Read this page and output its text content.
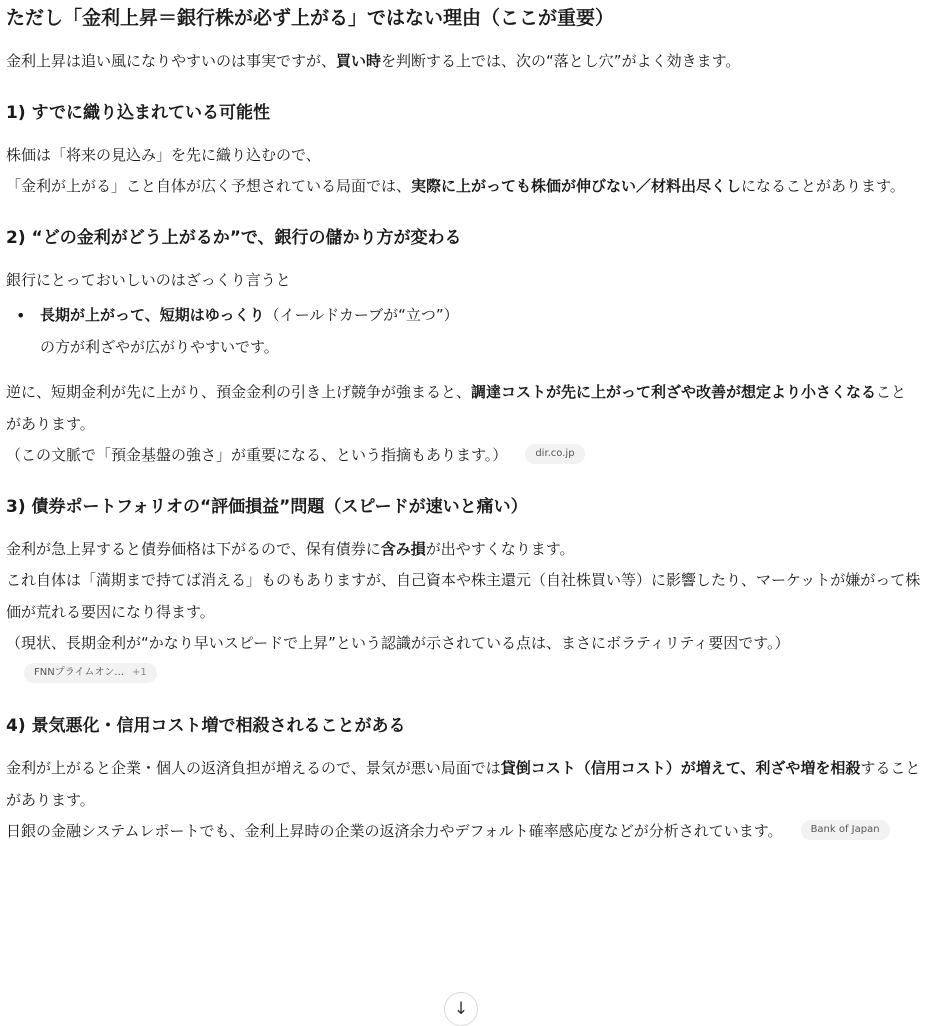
ただし「金利上昇＝銀行株が必ず上がる」ではない理由（ここが重要）

金利上昇は追い風になりやすいのは事実ですが、買い時を判断する上では、次の“落とし穴”がよく効きます。

1) すでに織り込まれている可能性

株価は「将来の見込み」を先に織り込むので、
「金利が上がる」こと自体が広く予想されている局面では、実際に上がっても株価が伸びない／材料出尽くしになることがあります。

2) “どの金利がどう上がるか”で、銀行の儲かり方が変わる

銀行にとっておいしいのはざっくり言うと

• 長期が上がって、短期はゆっくり（イールドカーブが“立つ”）
の方が利ざやが広がりやすいです。

逆に、短期金利が先に上がり、預金金利の引き上げ競争が強まると、調達コストが先に上がって利ざや改善が想定より小さくなることがあります。
（この文脈で「預金基盤の強さ」が重要になる、という指摘もあります。）	dir.co.jp

3) 債券ポートフォリオの“評価損益”問題（スピードが速いと痛い）

金利が急上昇すると債券価格は下がるので、保有債券に含み損が出やすくなります。
これ自体は「満期まで持てば消える」ものもありますが、自己資本や株主還元（自社株買い等）に影響したり、マーケットが嫌がって株価が荒れる要因になり得ます。
（現状、長期金利が“かなり早いスピードで上昇”という認識が示されている点は、まさにボラティリティ要因です。）FNNプライムオン... +1

4) 景気悪化・信用コスト増で相殺されることがある

金利が上がると企業・個人の返済負担が増えるので、景気が悪い局面では貸倒コスト（信用コスト）が増えて、利ざや増を相殺することがあります。
日銀の金融システムレポートでも、金利上昇時の企業の返済余力やデフォルト確率感応度などが分析されています。	Bank of Japan

↓
